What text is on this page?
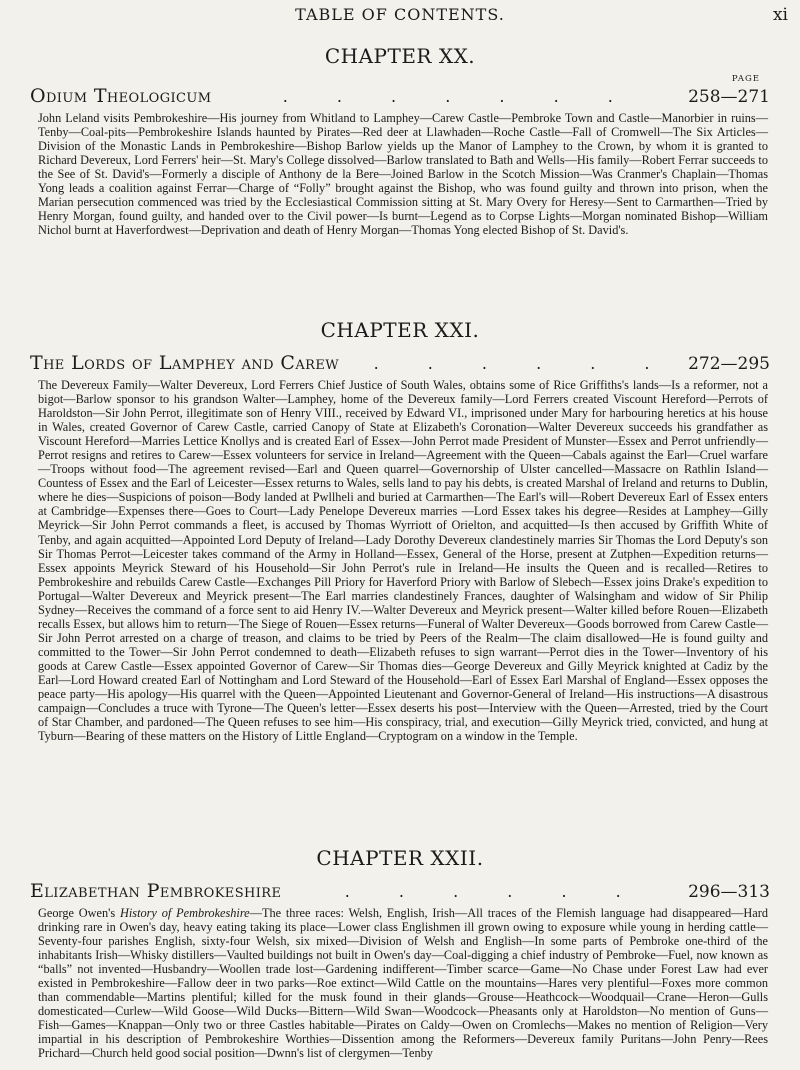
TABLE OF CONTENTS.	xi
CHAPTER XX.
PAGE
Odium Theologicum	. . . . . . .	258—271
John Leland visits Pembrokeshire—His journey from Whitland to Lamphey—Carew Castle—Pembroke Town and Castle—Manorbier in ruins—Tenby—Coal-pits—Pembrokeshire Islands haunted by Pirates—Red deer at Llawhaden—Roche Castle—Fall of Cromwell—The Six Articles—Division of the Monastic Lands in Pembrokeshire—Bishop Barlow yields up the Manor of Lamphey to the Crown, by whom it is granted to Richard Devereux, Lord Ferrers' heir—St. Mary's College dissolved—Barlow translated to Bath and Wells—His family—Robert Ferrar succeeds to the See of St. David's—Formerly a disciple of Anthony de la Bere—Joined Barlow in the Scotch Mission—Was Cranmer's Chaplain—Thomas Yong leads a coalition against Ferrar—Charge of “Folly” brought against the Bishop, who was found guilty and thrown into prison, when the Marian persecution commenced was tried by the Ecclesiastical Commission sitting at St. Mary Overy for Heresy—Sent to Carmarthen—Tried by Henry Morgan, found guilty, and handed over to the Civil power—Is burnt—Legend as to Corpse Lights—Morgan nominated Bishop—William Nichol burnt at Haverfordwest—Deprivation and death of Henry Morgan—Thomas Yong elected Bishop of St. David's.
CHAPTER XXI.
The Lords of Lamphey and Carew	. . . . . . 272—295
The Devereux Family—Walter Devereux, Lord Ferrers Chief Justice of South Wales, obtains some of Rice Griffiths's lands—Is a reformer, not a bigot—Barlow sponsor to his grandson Walter—Lamphey, home of the Devereux family—Lord Ferrers created Viscount Hereford—Perrots of Haroldston—Sir John Perrot, illegitimate son of Henry VIII., received by Edward VI., imprisoned under Mary for harbouring heretics at his house in Wales, created Governor of Carew Castle, carried Canopy of State at Elizabeth's Coronation—Walter Devereux succeeds his grandfather as Viscount Hereford—Marries Lettice Knollys and is created Earl of Essex—John Perrot made President of Munster—Essex and Perrot unfriendly—Perrot resigns and retires to Carew—Essex volunteers for service in Ireland—Agreement with the Queen—Cabals against the Earl—Cruel warfare—Troops without food—The agreement revised—Earl and Queen quarrel—Governorship of Ulster cancelled—Massacre on Rathlin Island—Countess of Essex and the Earl of Leicester—Essex returns to Wales, sells land to pay his debts, is created Marshal of Ireland and returns to Dublin, where he dies—Suspicions of poison—Body landed at Pwllheli and buried at Carmarthen—The Earl's will—Robert Devereux Earl of Essex enters at Cambridge—Expenses there—Goes to Court—Lady Penelope Devereux marries —Lord Essex takes his degree—Resides at Lamphey—Gilly Meyrick—Sir John Perrot commands a fleet, is accused by Thomas Wyrriott of Orielton, and acquitted—Is then accused by Griffith White of Tenby, and again acquitted—Appointed Lord Deputy of Ireland—Lady Dorothy Devereux clandestinely marries Sir Thomas the Lord Deputy's son Sir Thomas Perrot—Leicester takes command of the Army in Holland—Essex, General of the Horse, present at Zutphen—Expedition returns—Essex appoints Meyrick Steward of his Household—Sir John Perrot's rule in Ireland—He insults the Queen and is recalled—Retires to Pembrokeshire and rebuilds Carew Castle—Exchanges Pill Priory for Haverford Priory with Barlow of Slebech—Essex joins Drake's expedition to Portugal—Walter Devereux and Meyrick present—The Earl marries clandestinely Frances, daughter of Walsingham and widow of Sir Philip Sydney—Receives the command of a force sent to aid Henry IV.—Walter Devereux and Meyrick present—Walter killed before Rouen—Elizabeth recalls Essex, but allows him to return—The Siege of Rouen—Essex returns—Funeral of Walter Devereux—Goods borrowed from Carew Castle—Sir John Perrot arrested on a charge of treason, and claims to be tried by Peers of the Realm—The claim disallowed—He is found guilty and committed to the Tower—Sir John Perrot condemned to death—Elizabeth refuses to sign warrant—Perrot dies in the Tower—Inventory of his goods at Carew Castle—Essex appointed Governor of Carew—Sir Thomas dies—George Devereux and Gilly Meyrick knighted at Cadiz by the Earl—Lord Howard created Earl of Nottingham and Lord Steward of the Household—Earl of Essex Earl Marshal of England—Essex opposes the peace party—His apology—His quarrel with the Queen—Appointed Lieutenant and Governor-General of Ireland—His instructions—A disastrous campaign—Concludes a truce with Tyrone—The Queen's letter—Essex deserts his post—Interview with the Queen—Arrested, tried by the Court of Star Chamber, and pardoned—The Queen refuses to see him—His conspiracy, trial, and execution—Gilly Meyrick tried, convicted, and hung at Tyburn—Bearing of these matters on the History of Little England—Cryptogram on a window in the Temple.
CHAPTER XXII.
Elizabethan Pembrokeshire	. . . . . .	296—313
George Owen's History of Pembrokeshire—The three races: Welsh, English, Irish—All traces of the Flemish language had disappeared—Hard drinking rare in Owen's day, heavy eating taking its place—Lower class Englishmen ill grown owing to exposure while young in herding cattle—Seventy-four parishes English, sixty-four Welsh, six mixed—Division of Welsh and English—In some parts of Pembroke one-third of the inhabitants Irish—Whisky distillers—Vaulted buildings not built in Owen's day—Coal-digging a chief industry of Pembroke—Fuel, now known as “balls” not invented—Husbandry—Woollen trade lost—Gardening indifferent—Timber scarce—Game—No Chase under Forest Law had ever existed in Pembrokeshire—Fallow deer in two parks—Roe extinct—Wild Cattle on the mountains—Hares very plentiful—Foxes more common than commendable—Martins plentiful; killed for the musk found in their glands—Grouse—Heathcock—Woodquail—Crane—Heron—Gulls domesticated—Curlew—Wild Goose—Wild Ducks—Bittern—Wild Swan—Woodcock—Pheasants only at Haroldston—No mention of Guns—Fish—Games—Knappan—Only two or three Castles habitable—Pirates on Caldy—Owen on Cromlechs—Makes no mention of Religion—Very impartial in his description of Pembrokeshire Worthies—Dissention among the Reformers—Devereux family Puritans—John Penry—Rees Prichard—Church held good social position—Dwnn's list of clergymen—Tenby
